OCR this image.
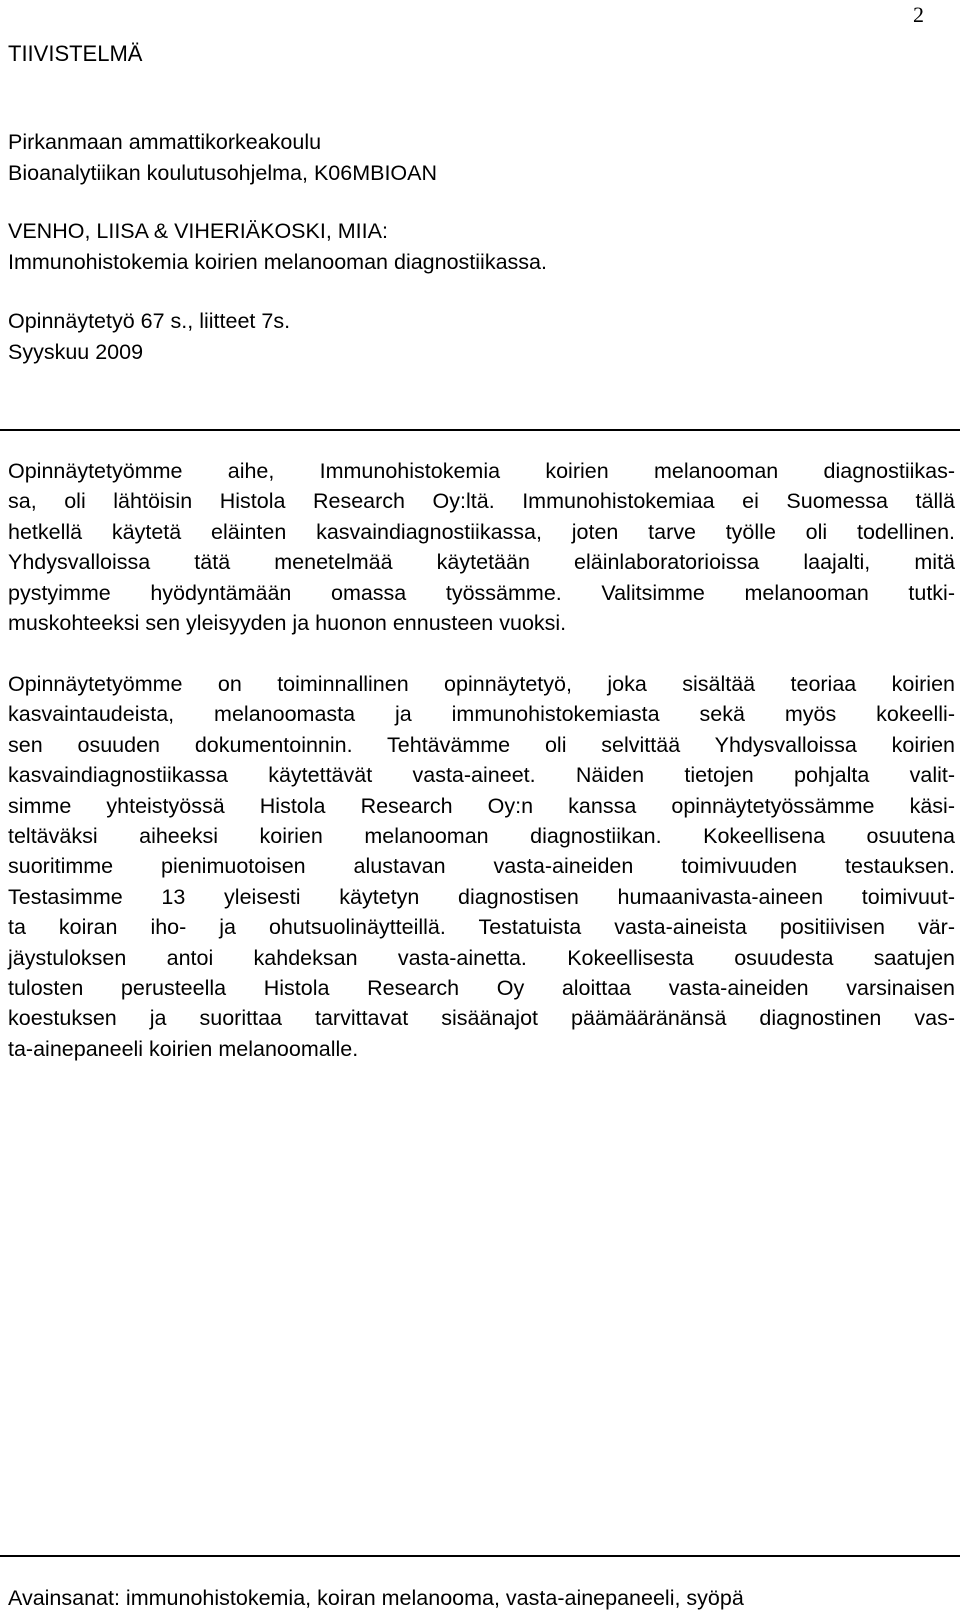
2
TIIVISTELMÄ
Pirkanmaan ammattikorkeakoulu
Bioanalytiikan koulutusohjelma, K06MBIOAN
VENHO, LIISA & VIHERIÄKOSKI, MIIA:
Immunohistokemia koirien melanooman diagnostiikassa.
Opinnäytetyö 67 s., liitteet 7s.
Syyskuu 2009
Opinnäytetyömme aihe, Immunohistokemia koirien melanooman diagnostiikas-
sa, oli lähtöisin Histola Research Oy:ltä. Immunohistokemiaa ei Suomessa tällä
hetkellä käytetä eläinten kasvaindiagnostiikassa, joten tarve työlle oli todellinen.
Yhdysvalloissa tätä menetelmää käytetään eläinlaboratorioissa laajalti, mitä
pystyimme hyödyntämään omassa työssämme. Valitsimme melanooman tutki-
muskohteeksi sen yleisyyden ja huonon ennusteen vuoksi.
Opinnäytetyömme on toiminnallinen opinnäytetyö, joka sisältää teoriaa koirien
kasvaintaudeista, melanoomasta ja immunohistokemiasta sekä myös kokeelli-
sen osuuden dokumentoinnin. Tehtävämme oli selvittää Yhdysvalloissa koirien
kasvaindiagnostiikassa käytettävät vasta-aineet. Näiden tietojen pohjalta valit-
simme yhteistyössä Histola Research Oy:n kanssa opinnäytetyössämme käsi-
teltäväksi aiheeksi koirien melanooman diagnostiikan. Kokeellisena osuutena
suoritimme pienimuotoisen alustavan vasta-aineiden toimivuuden testauksen.
Testasimme 13 yleisesti käytetyn diagnostisen humaanivasta-aineen toimivuut-
ta koiran iho- ja ohutsuolinäytteillä. Testatuista vasta-aineista positiivisen vär-
jäystuloksen antoi kahdeksan vasta-ainetta. Kokeellisesta osuudesta saatujen
tulosten perusteella Histola Research Oy aloittaa vasta-aineiden varsinaisen
koestuksen ja suorittaa tarvittavat sisäänajot päämääränänsä diagnostinen vas-
ta-ainepaneeli koirien melanoomalle.
Avainsanat: immunohistokemia, koiran melanooma, vasta-ainepaneeli, syöpä
